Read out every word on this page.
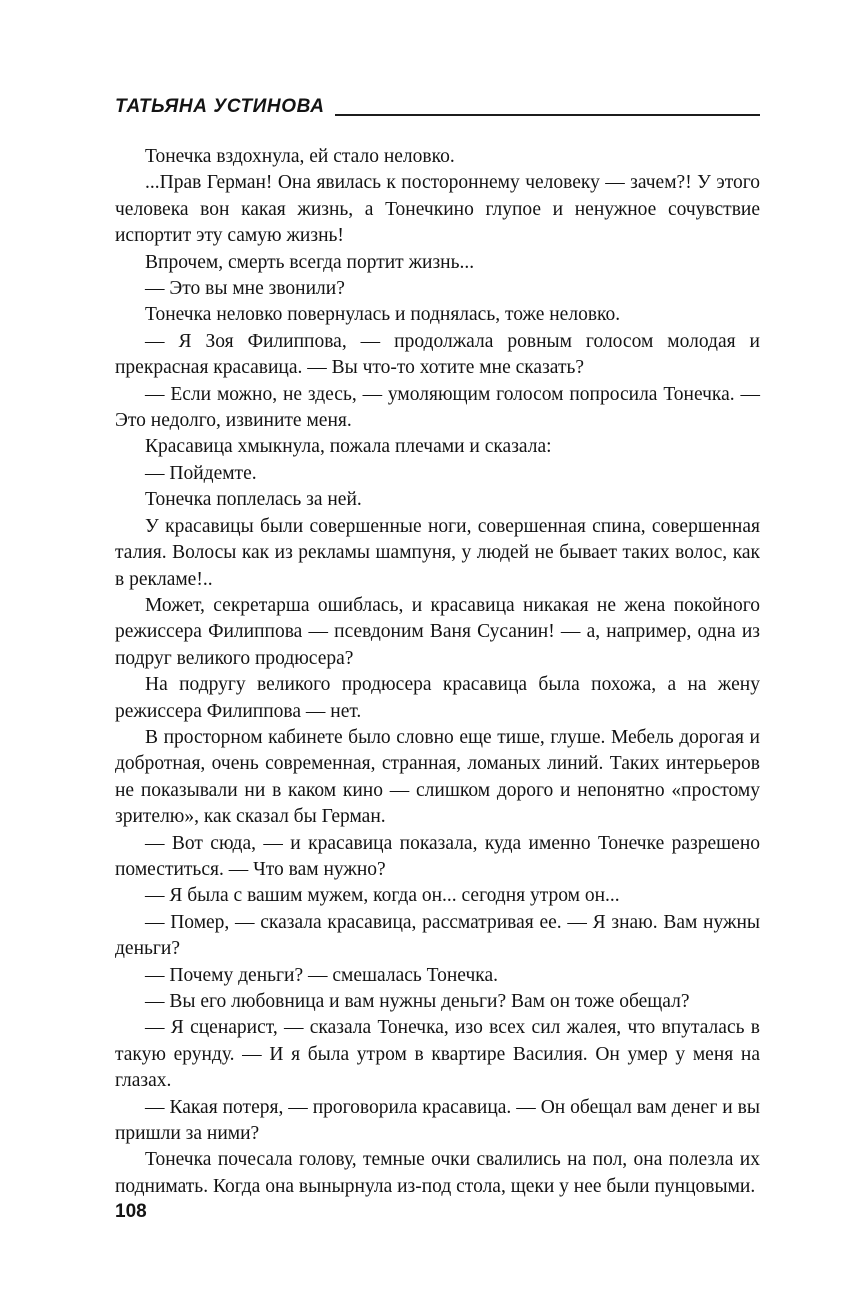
ТАТЬЯНА УСТИНОВА

Тонечка вздохнула, ей стало неловко.

...Прав Герман! Она явилась к постороннему человеку — зачем?! У этого человека вон какая жизнь, а Тонечкино глупое и ненужное сочувствие испортит эту самую жизнь!

Впрочем, смерть всегда портит жизнь...

— Это вы мне звонили?

Тонечка неловко повернулась и поднялась, тоже неловко.

— Я Зоя Филиппова, — продолжала ровным голосом молодая и прекрасная красавица. — Вы что-то хотите мне сказать?

— Если можно, не здесь, — умоляющим голосом попросила Тонечка. — Это недолго, извините меня.

Красавица хмыкнула, пожала плечами и сказала:

— Пойдемте.

Тонечка поплелась за ней.

У красавицы были совершенные ноги, совершенная спина, совершенная талия. Волосы как из рекламы шампуня, у людей не бывает таких волос, как в рекламе!..

Может, секретарша ошиблась, и красавица никакая не жена покойного режиссера Филиппова — псевдоним Ваня Сусанин! — а, например, одна из подруг великого продюсера?

На подругу великого продюсера красавица была похожа, а на жену режиссера Филиппова — нет.

В просторном кабинете было словно еще тише, глуше. Мебель дорогая и добротная, очень современная, странная, ломаных линий. Таких интерьеров не показывали ни в каком кино — слишком дорого и непонятно «простому зрителю», как сказал бы Герман.

— Вот сюда, — и красавица показала, куда именно Тонечке разрешено поместиться. — Что вам нужно?

— Я была с вашим мужем, когда он... сегодня утром он...

— Помер, — сказала красавица, рассматривая ее. — Я знаю. Вам нужны деньги?

— Почему деньги? — смешалась Тонечка.

— Вы его любовница и вам нужны деньги? Вам он тоже обещал?

— Я сценарист, — сказала Тонечка, изо всех сил жалея, что впуталась в такую ерунду. — И я была утром в квартире Василия. Он умер у меня на глазах.

— Какая потеря, — проговорила красавица. — Он обещал вам денег и вы пришли за ними?

Тонечка почесала голову, темные очки свалились на пол, она полезла их поднимать. Когда она вынырнула из-под стола, щеки у нее были пунцовыми.

108
